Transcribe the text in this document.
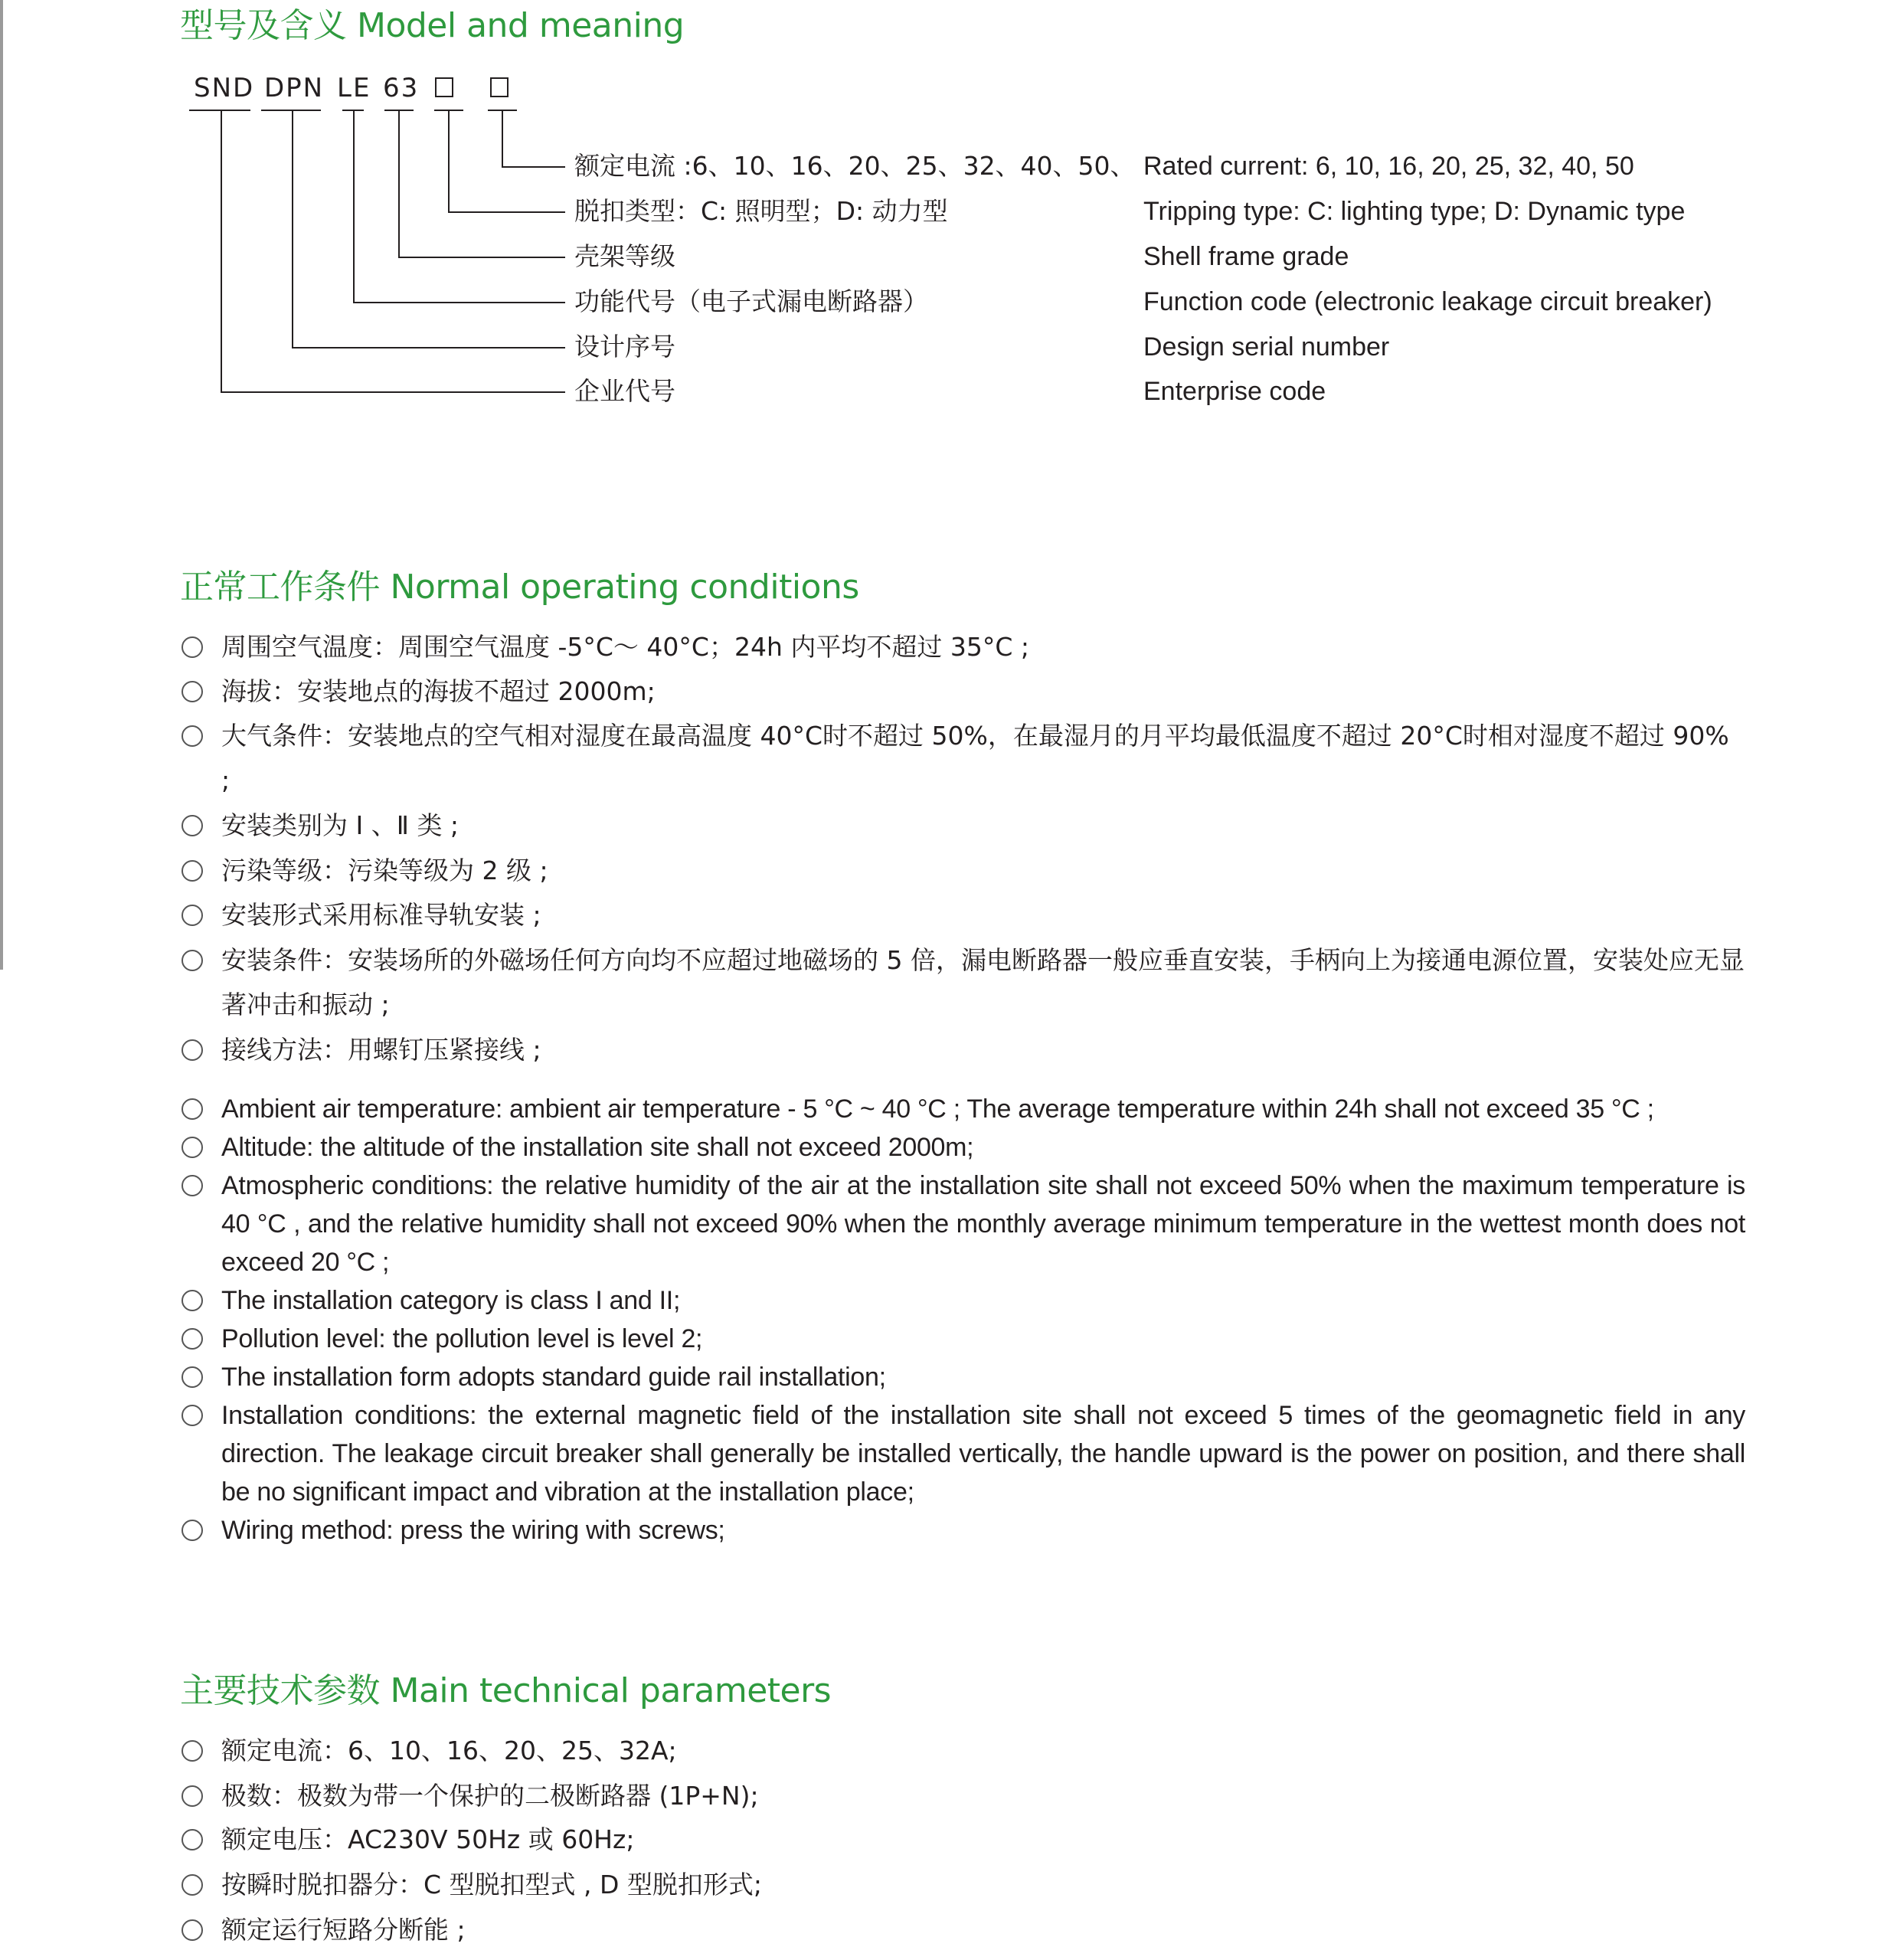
型号及含义 Model and meaning
SND DPN LE 63
额定电流 :6、10、16、20、25、32、40、50、 Rated current: 6, 10, 16, 20, 25, 32, 40, 50
脱扣类型：C: 照明型；D: 动力型	Tripping type: C: lighting type; D: Dynamic type
壳架等级	Shell frame grade
功能代号（电子式漏电断路器）	Function code (electronic leakage circuit breaker)
设计序号	Design serial number
企业代号	Enterprise code
正常工作条件 Normal operating conditions
周围空气温度：周围空气温度 -5°C～ 40°C；24h 内平均不超过 35°C ;
海拔：安装地点的海拔不超过 2000m;
大气条件：安装地点的空气相对湿度在最高温度 40°C时不超过 50%，在最湿月的月平均最低温度不超过 20°C时相对湿度不超过 90% ;
安装类别为 Ⅰ 、Ⅱ 类 ;
污染等级：污染等级为 2 级 ;
安装形式采用标准导轨安装 ;
安装条件：安装场所的外磁场任何方向均不应超过地磁场的 5 倍，漏电断路器一般应垂直安装，手柄向上为接通电源位置，安装处应无显著冲击和振动 ;
接线方法：用螺钉压紧接线 ;
Ambient air temperature: ambient air temperature - 5 °C ~ 40 °C ; The average temperature within 24h shall not exceed 35 °C ;
Altitude: the altitude of the installation site shall not exceed 2000m;
Atmospheric conditions: the relative humidity of the air at the installation site shall not exceed 50% when the maximum temperature is 40 °C , and the relative humidity shall not exceed 90% when the monthly average minimum temperature in the wettest month does not exceed 20 °C ;
The installation category is class I and II;
Pollution level: the pollution level is level 2;
The installation form adopts standard guide rail installation;
Installation conditions: the external magnetic field of the installation site shall not exceed 5 times of the geomagnetic field in any direction. The leakage circuit breaker shall generally be installed vertically, the handle upward is the power on position, and there shall be no significant impact and vibration at the installation place;
Wiring method: press the wiring with screws;
主要技术参数 Main technical parameters
额定电流：6、10、16、20、25、32A;
极数：极数为带一个保护的二极断路器 (1P+N);
额定电压：AC230V 50Hz 或 60Hz;
按瞬时脱扣器分：C 型脱扣型式 , D 型脱扣形式;
额定运行短路分断能 ;
